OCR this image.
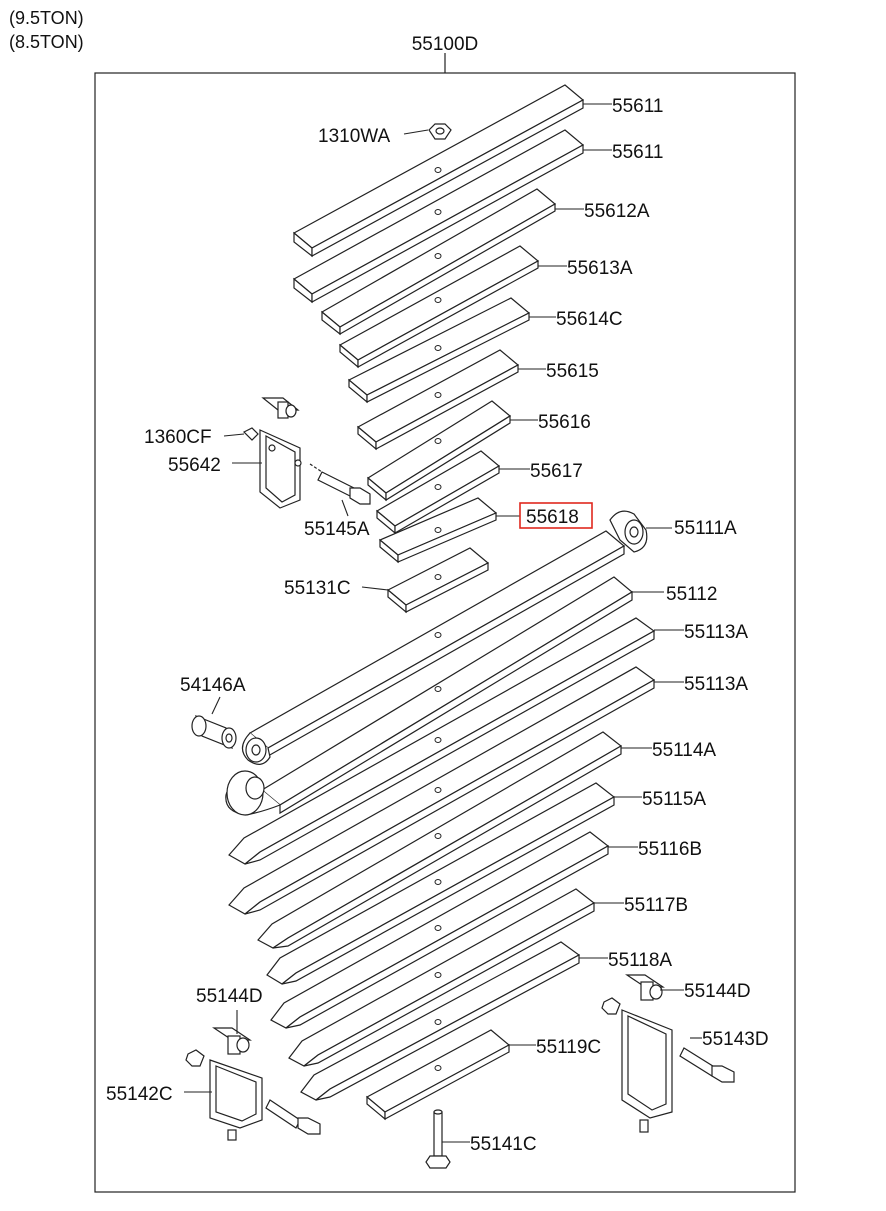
(9.5TON)
(8.5TON)	55100D
55611
55611
1310WA
55612A
55613A
55614C
55615
55616
55617
55618
1360CF
55642
55145A	55111A
55131C	55112
55113A
55113A
54146A
55114A
55115A
55116B
55117B
55118A
55144D
55144D
55143D
55119C
55142C
55141C
